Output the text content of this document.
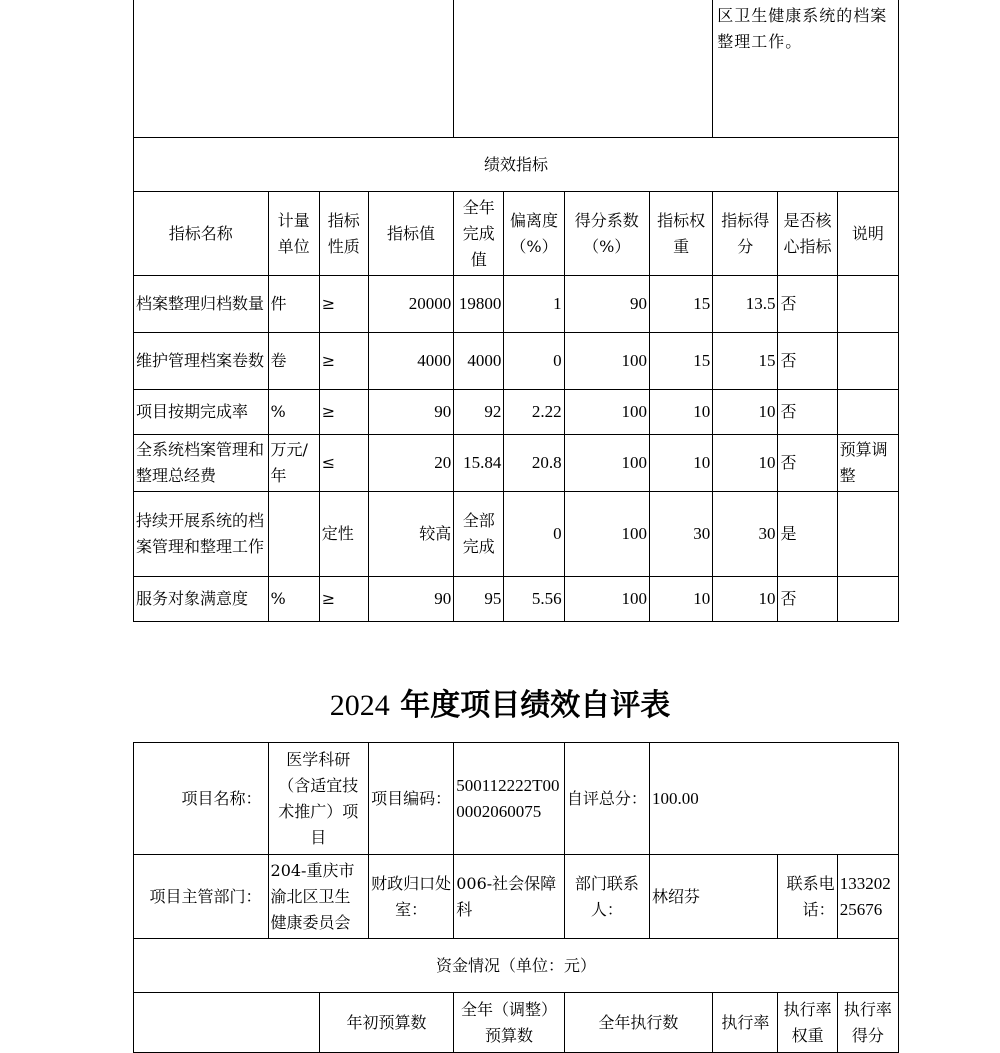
								区卫生健康系统的档案整理工作。		
绩效指标										
指标名称	计量单位	指标性质	指标值	全年完成值	偏离度（%）	得分系数（%）	指标权重	指标得分	是否核心指标	说明
档案整理归档数量	件	≥	20000	19800	1	90	15	13.5	否	
维护管理档案卷数	卷	≥	4000	4000	0	100	15	15	否	
项目按期完成率	%	≥	90	92	2.22	100	10	10	否	
全系统档案管理和整理总经费	万元/年	≤	20	15.84	20.8	100	10	10	否	预算调整
持续开展系统的档案管理和整理工作		定性	较高	全部完成	0	100	30	30	是	
服务对象满意度	%	≥	90	95	5.56	100	10	10	否	
2024 年度项目绩效自评表
项目名称：	医学科研（含适宜技术推广）项目		项目编码：	500112222T000002060075	自评总分：	100.00			
项目主管部门：	204-重庆市渝北区卫生健康委员会		财政归口处室：	006-社会保障科	部门联系人：	林绍芬		联系电话：	13320225676
资金情况（单位：元）									
		年初预算数		全年（调整）预算数	全年执行数		执行率	执行率权重	执行率得分
